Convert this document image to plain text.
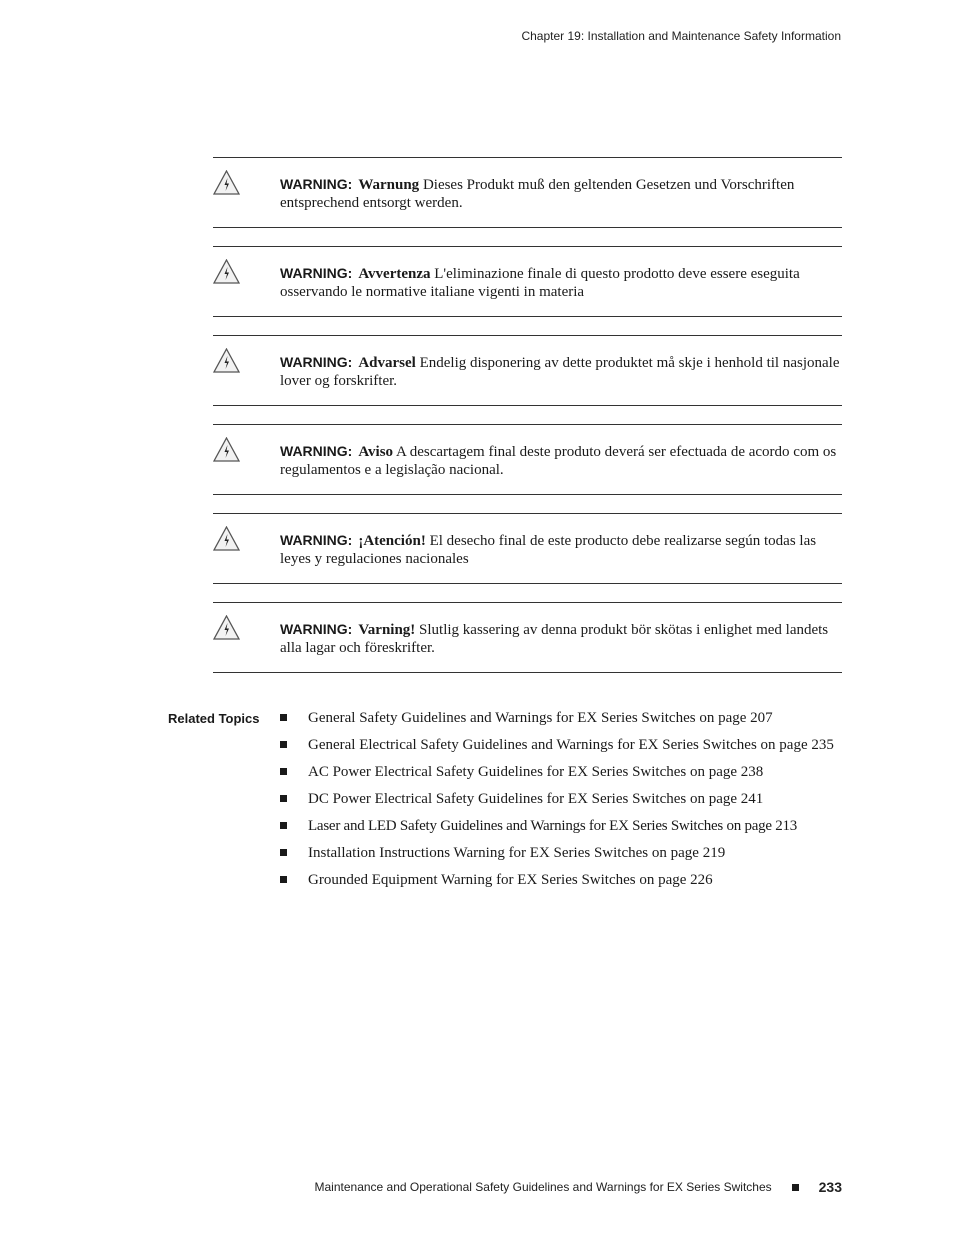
Chapter 19: Installation and Maintenance Safety Information
WARNING: Warnung Dieses Produkt muß den geltenden Gesetzen und Vorschriften entsprechend entsorgt werden.
WARNING: Avvertenza L'eliminazione finale di questo prodotto deve essere eseguita osservando le normative italiane vigenti in materia
WARNING: Advarsel Endelig disponering av dette produktet må skje i henhold til nasjonale lover og forskrifter.
WARNING: Aviso A descartagem final deste produto deverá ser efectuada de acordo com os regulamentos e a legislação nacional.
WARNING: ¡Atención! El desecho final de este producto debe realizarse según todas las leyes y regulaciones nacionales
WARNING: Varning! Slutlig kassering av denna produkt bör skötas i enlighet med landets alla lagar och föreskrifter.
Related Topics	General Safety Guidelines and Warnings for EX Series Switches on page 207
General Electrical Safety Guidelines and Warnings for EX Series Switches on page 235
AC Power Electrical Safety Guidelines for EX Series Switches on page 238
DC Power Electrical Safety Guidelines for EX Series Switches on page 241
Laser and LED Safety Guidelines and Warnings for EX Series Switches on page 213
Installation Instructions Warning for EX Series Switches on page 219
Grounded Equipment Warning for EX Series Switches on page 226
Maintenance and Operational Safety Guidelines and Warnings for EX Series Switches	233
